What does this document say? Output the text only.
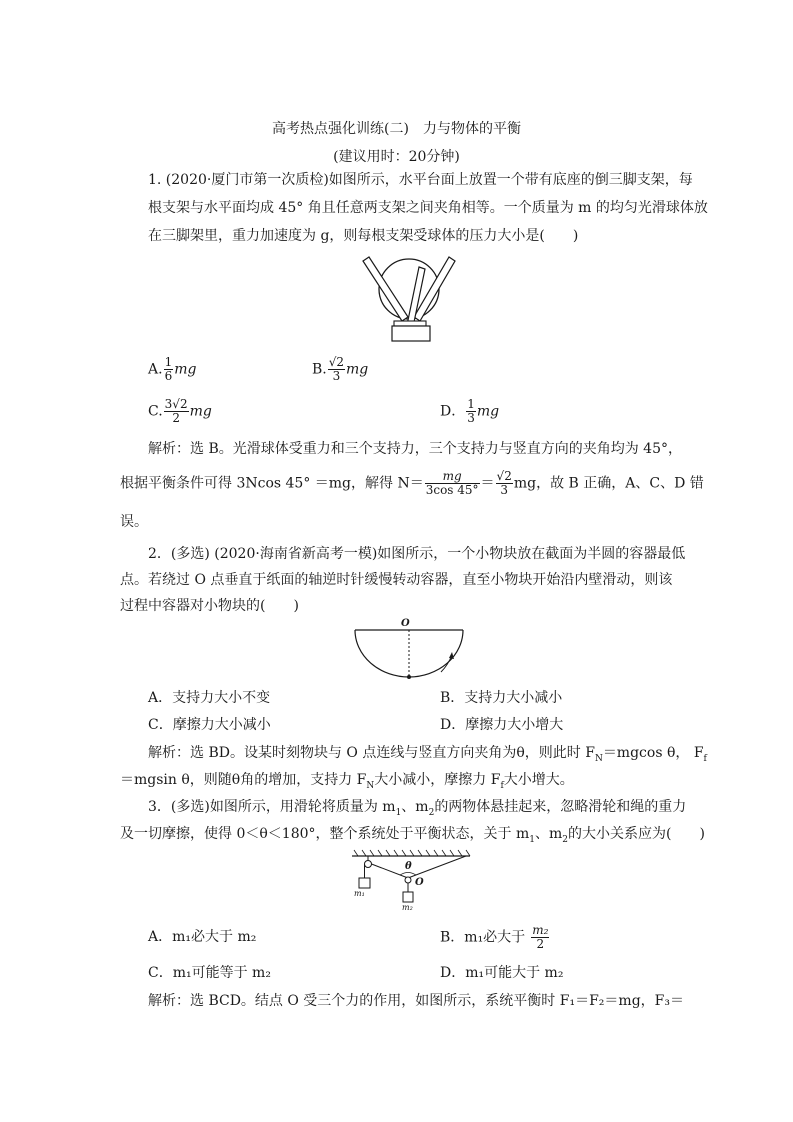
高考热点强化训练(二)　力与物体的平衡
(建议用时：20分钟)
1. (2020·厦门市第一次质检)如图所示，水平台面上放置一个带有底座的倒三脚支架，每
根支架与水平面均成 45° 角且任意两支架之间夹角相等。一个质量为 m 的均匀光滑球体放
在三脚架里，重力加速度为 g，则每根支架受球体的压力大小是(　　)
A. $\frac{1}{6}$ mg	B. $\frac{√2}{3}$ mg
C. $\frac{3√2}{2}$ mg	D． $\frac{1}{3}$ mg
解析：选 B。光滑球体受重力和三个支持力，三个支持力与竖直方向的夹角均为 45°，
根据平衡条件可得 3Ncos 45° ＝mg，解得 $N= \frac{mg}{3\cos 45^\circ} = \frac{√2}{3}$ mg，故 B 正确，A、C、D 错
误。
2．(多选) (2020·海南省新高考一模)如图所示，一个小物块放在截面为半圆的容器最低
点。若绕过 O 点垂直于纸面的轴逆时针缓慢转动容器，直至小物块开始沿内壁滑动，则该
过程中容器对小物块的(　　)
O
A．支持力大小不变	B．支持力大小减小
C．摩擦力大小减小	D．摩擦力大小增大
解析：选 BD。设某时刻物块与 O 点连线与竖直方向夹角为θ，则此时 $F_N=mgcos$ θ， $F_f$
＝mgsin θ，则随θ角的增加，支持力 $F_N$大小减小，摩擦力 $F_f$大小增大。
3．(多选)如图所示，用滑轮将质量为 $m_1$、$m_2$的两物体悬挂起来，忽略滑轮和绳的重力
及一切摩擦，使得 0＜θ＜180°，整个系统处于平衡状态，关于 $m_1$、$m_2$的大小关系应为(　　)
θ
O
m₁
m₂
A．m₁必大于 m₂	B．m₁必大于 $\frac{\text{m₂}}{2}$
C．m₁可能等于 m₂	D．m₁可能大于 m₂
解析：选 BCD。结点 O 受三个力的作用，如图所示，系统平衡时 F₁＝F₂＝mg，F₃＝
